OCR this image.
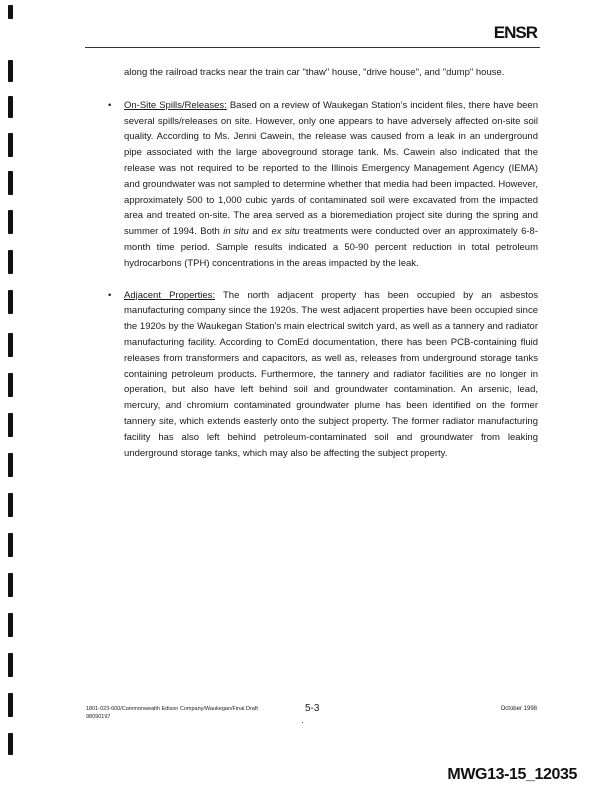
ENSR

along the railroad tracks near the train car "thaw" house, "drive house", and "dump" house.

• On-Site Spills/Releases: Based on a review of Waukegan Station's incident files, there have been several spills/releases on site. However, only one appears to have adversely affected on-site soil quality. According to Ms. Jenni Cawein, the release was caused from a leak in an underground pipe associated with the large aboveground storage tank. Ms. Cawein also indicated that the release was not required to be reported to the Illinois Emergency Management Agency (IEMA) and groundwater was not sampled to determine whether that media had been impacted. However, approximately 500 to 1,000 cubic yards of contaminated soil were excavated from the impacted area and treated on-site. The area served as a bioremediation project site during the spring and summer of 1994. Both in situ and ex situ treatments were conducted over an approximately 6-8-month time period. Sample results indicated a 50-90 percent reduction in total petroleum hydrocarbons (TPH) concentrations in the areas impacted by the leak.
• Adjacent Properties: The north adjacent property has been occupied by an asbestos manufacturing company since the 1920s. The west adjacent properties have been occupied since the 1920s by the Waukegan Station's main electrical switch yard, as well as a tannery and radiator manufacturing facility. According to ComEd documentation, there has been PCB-containing fluid releases from transformers and capacitors, as well as, releases from underground storage tanks containing petroleum products. Furthermore, the tannery and radiator facilities are no longer in operation, but also have left behind soil and groundwater contamination. An arsenic, lead, mercury, and chromium contaminated groundwater plume has been identified on the former tannery site, which extends easterly onto the subject property. The former radiator manufacturing facility has also left behind petroleum-contaminated soil and groundwater from leaking underground storage tanks, which may also be affecting the subject property.
1801-023-600/Commonwealth Edison Company/Waukegan/Final Draft
98090197
5-3	October 1998
MWG13-15_12035
